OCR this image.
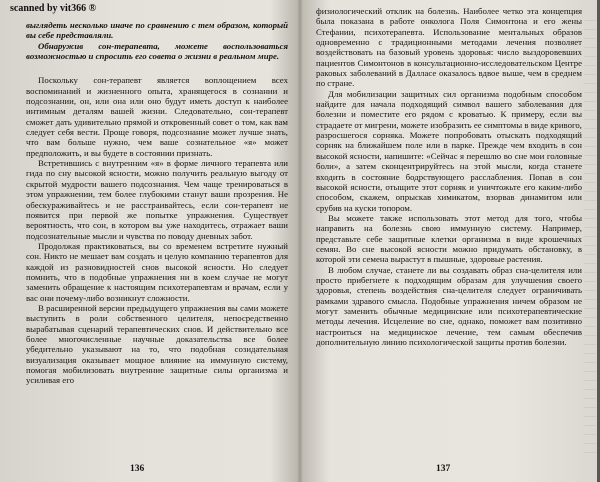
scanned by vit366 ®

выглядеть несколько иначе по сравнению с тем образом, который вы себе представляли.

Обнаружив сон-терапевта, можете воспользоваться возможностью и спросить его совета о жизни в реальном мире.

Поскольку сон-терапевт является воплощением всех воспоминаний и жизненного опыта, хранящегося в сознании и подсознании, он, или она или оно будут иметь доступ к наиболее интимным деталям вашей жизни. Следовательно, сон-терапевт сможет дать удивительно прямой и откровенный совет о том, как вам следует себя вести. Проще говоря, подсознание может лучше знать, что вам больше нужно, чем ваше сознательное «я» может предположить, и вы будете в состоянии признать.

Встретившись с внутренним «я» в форме личного терапевта или гида по сну высокой ясности, можно получить реальную выгоду от скрытой мудрости вашего подсознания. Чем чаще тренироваться в этом упражнении, тем более глубокими станут ваши прозрения. Не обескураживайтесь и не расстраивайтесь, если сон-терапевт не появится при первой же попытке упражнения. Существует вероятность, что сон, в котором вы уже находитесь, отражает ваши подсознательные мысли и чувства по поводу дневных забот.

Продолжая практиковаться, вы со временем встретите нужный сон. Никто не мешает вам создать и целую компанию терапевтов для каждой из разновидностей снов высокой ясности. Но следует помнить, что в подобные упражнения ни в коем случае не могут заменить обращение к настоящим психотерапевтам и врачам, если у вас они почему-либо возникнут сложности.

В расширенной версии предыдущего упражнения вы сами можете выступить в роли собственного целителя, непосредственно вырабатывая сценарий терапевтических снов. И действительно все более многочисленные научные доказательства все более убедительно указывают на то, что подобная созидательная визуализация оказывает мощное влияние на иммунную систему, помогая мобилизовать внутренние защитные силы организма и усиливая его

136

физиологический отклик на болезнь. Наиболее четко эта концепция была показана в работе онколога Поля Симонтона и его жены Стефании, психотерапевта. Использование ментальных образов одновременно с традиционными методами лечения позволяет воздействовать на базовый уровень здоровья: число выздоровевших пациентов Симонтонов в консультационно-исследовательском Центре раковых заболеваний в Далласе оказалось вдвое выше, чем в среднем по стране.

Для мобилизации защитных сил организма подобным способом найдите для начала подходящий символ вашего заболевания для болезни и поместите его рядом с кроватью. К примеру, если вы страдаете от мигрени, можете изобразить ее симптомы в виде кривого, разросшегося сорняка. Можете попробовать отыскать подходящий сорняк на ближайшем поле или в парке. Прежде чем входить в сон высокой ясности, напишите: «Сейчас я перешлю во сне мои головные боли», а затем сконцентрируйтесь на этой мысли, когда станете входить в состояние бодрствующего расслабления. Попав в сон высокой ясности, отыщите этот сорняк и уничтожьте его каким-либо способом, скажем, опрыскав химикатом, взорвав динамитом или срубив на куски топором.

Вы можете также использовать этот метод для того, чтобы направить на болезнь свою иммунную систему. Например, представьте себе защитные клетки организма в виде крошечных семян. Во сне высокой ясности можно придумать обстановку, в которой эти семена вырастут в пышные, здоровые растения.

В любом случае, станете ли вы создавать образ сна-целителя или просто прибегнете к подходящим образам для улучшения своего здоровья, степень воздействия сна-целителя следует ограничивать рамками здравого смысла. Подобные упражнения ничем образом не могут заменить обычные медицинские или психотерапевтические методы лечения. Исцеление во сне, однако, поможет вам позитивно настроиться на медицинское лечение, тем самым обеспечив дополнительную линию психологической защиты против болезни.

137
